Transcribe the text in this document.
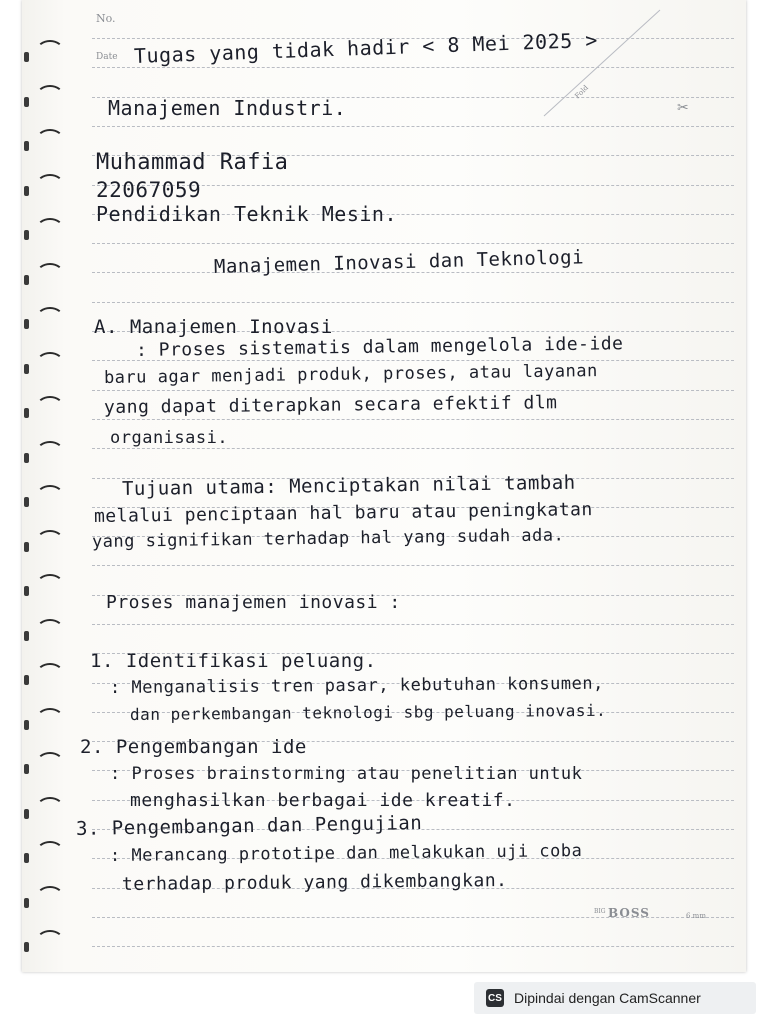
No.
Date
Fold
✂
Tugas yang tidak hadir < 8 Mei 2025 >
Manajemen Industri.
Muhammad Rafia
22067059
Pendidikan Teknik Mesin.
Manajemen Inovasi dan Teknologi
A. Manajemen Inovasi
: Proses sistematis dalam mengelola ide-ide
baru agar menjadi produk, proses, atau layanan
yang dapat diterapkan secara efektif dlm
organisasi.
Tujuan utama: Menciptakan nilai tambah
melalui penciptaan hal baru atau peningkatan
yang signifikan terhadap hal yang sudah ada.
Proses manajemen inovasi :
1. Identifikasi peluang.
: Menganalisis tren pasar, kebutuhan konsumen,
dan perkembangan teknologi sbg peluang inovasi.
2. Pengembangan ide
: Proses brainstorming atau penelitian untuk
menghasilkan berbagai ide kreatif.
3. Pengembangan dan Pengujian
: Merancang prototipe dan melakukan uji coba
terhadap produk yang dikembangkan.
BIG BOSS	6 mm
CS Dipindai dengan CamScanner
